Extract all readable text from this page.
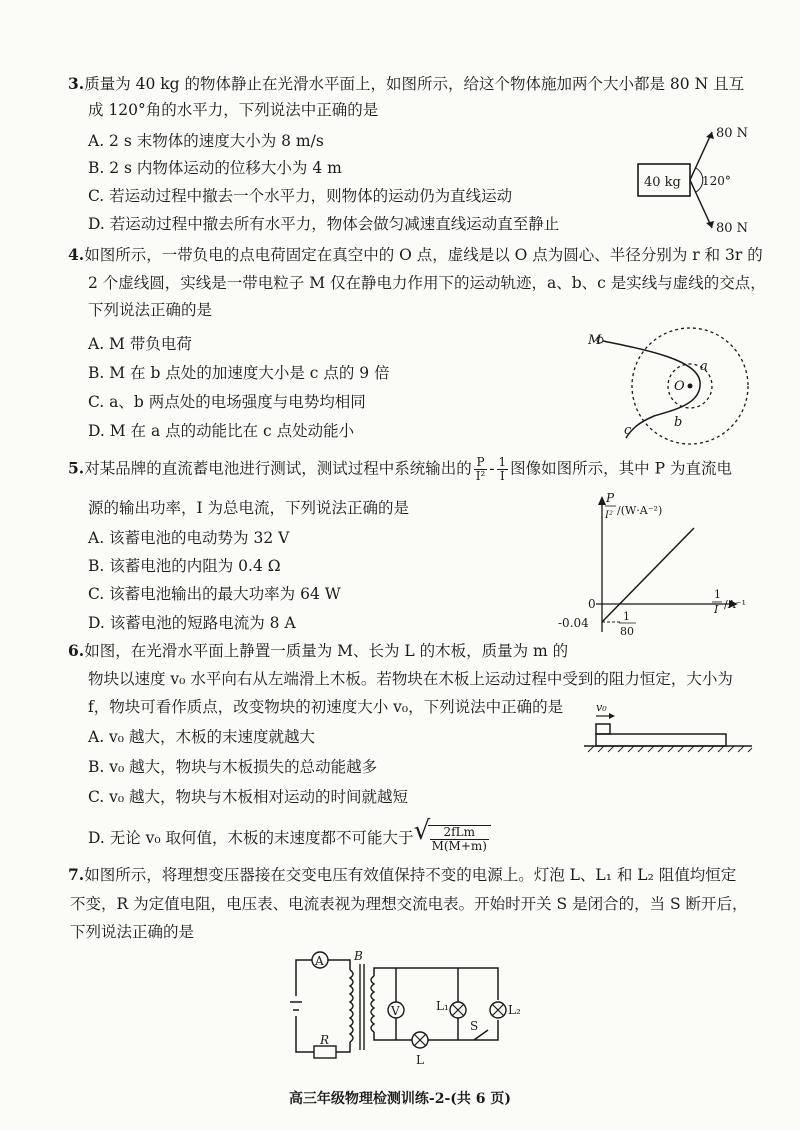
3.质量为 40 kg 的物体静止在光滑水平面上，如图所示，给这个物体施加两个大小都是 80 N 且互
成 120°角的水平力，下列说法中正确的是
A. 2 s 末物体的速度大小为 8 m/s
B. 2 s 内物体运动的位移大小为 4 m
C. 若运动过程中撤去一个水平力，则物体的运动仍为直线运动
D. 若运动过程中撤去所有水平力，物体会做匀减速直线运动直至静止
40 kg 120°
80 N
80 N
4.如图所示，一带负电的点电荷固定在真空中的 O 点，虚线是以 O 点为圆心、半径分别为 r 和 3r 的
2 个虚线圆，实线是一带电粒子 M 仅在静电力作用下的运动轨迹，a、b、c 是实线与虚线的交点，
下列说法正确的是
A. M 带负电荷
B. M 在 b 点处的加速度大小是 c 点的 9 倍
C. a、b 两点处的电场强度与电势均相同
D. M 在 a 点的动能比在 c 点处动能小
M
O
a
b
c
5.对某品牌的直流蓄电池进行测试，测试过程中系统输出的 $\frac{P}{\text{I²}} - \frac{1}{I}$ 图像如图所示，其中 P 为直流电
源的输出功率，I 为总电流，下列说法正确的是
A. 该蓄电池的电动势为 32 V
B. 该蓄电池的内阻为 0.4 Ω
C. 该蓄电池输出的最大功率为 64 W
D. 该蓄电池的短路电流为 8 A
P
I² /(W·A⁻²)
1
I /A⁻¹
0
-0.04	1
80
6.如图，在光滑水平面上静置一质量为 M、长为 L 的木板，质量为 m 的
物块以速度 v₀ 水平向右从左端滑上木板。若物块在木板上运动过程中受到的阻力恒定，大小为
f，物块可看作质点，改变物块的初速度大小 v₀，下列说法中正确的是
A. v₀ 越大，木板的末速度就越大
B. v₀ 越大，物块与木板损失的总动能越多
C. v₀ 越大，物块与木板相对运动的时间就越短
D. 无论 v₀ 取何值，木板的末速度都不可能大于
√ $\frac{\text{2fLm}}{M(M+m)}$
v₀
7.如图所示，将理想变压器接在交变电压有效值保持不变的电源上。灯泡 L、L₁ 和 L₂ 阻值均恒定
不变，R 为定值电阻，电压表、电流表视为理想交流电表。开始时开关 S 是闭合的，当 S 断开后，
下列说法正确的是
A
R
B
V
L
L₁	L₂
S
高三年级物理检测训练-2-(共 6 页)
